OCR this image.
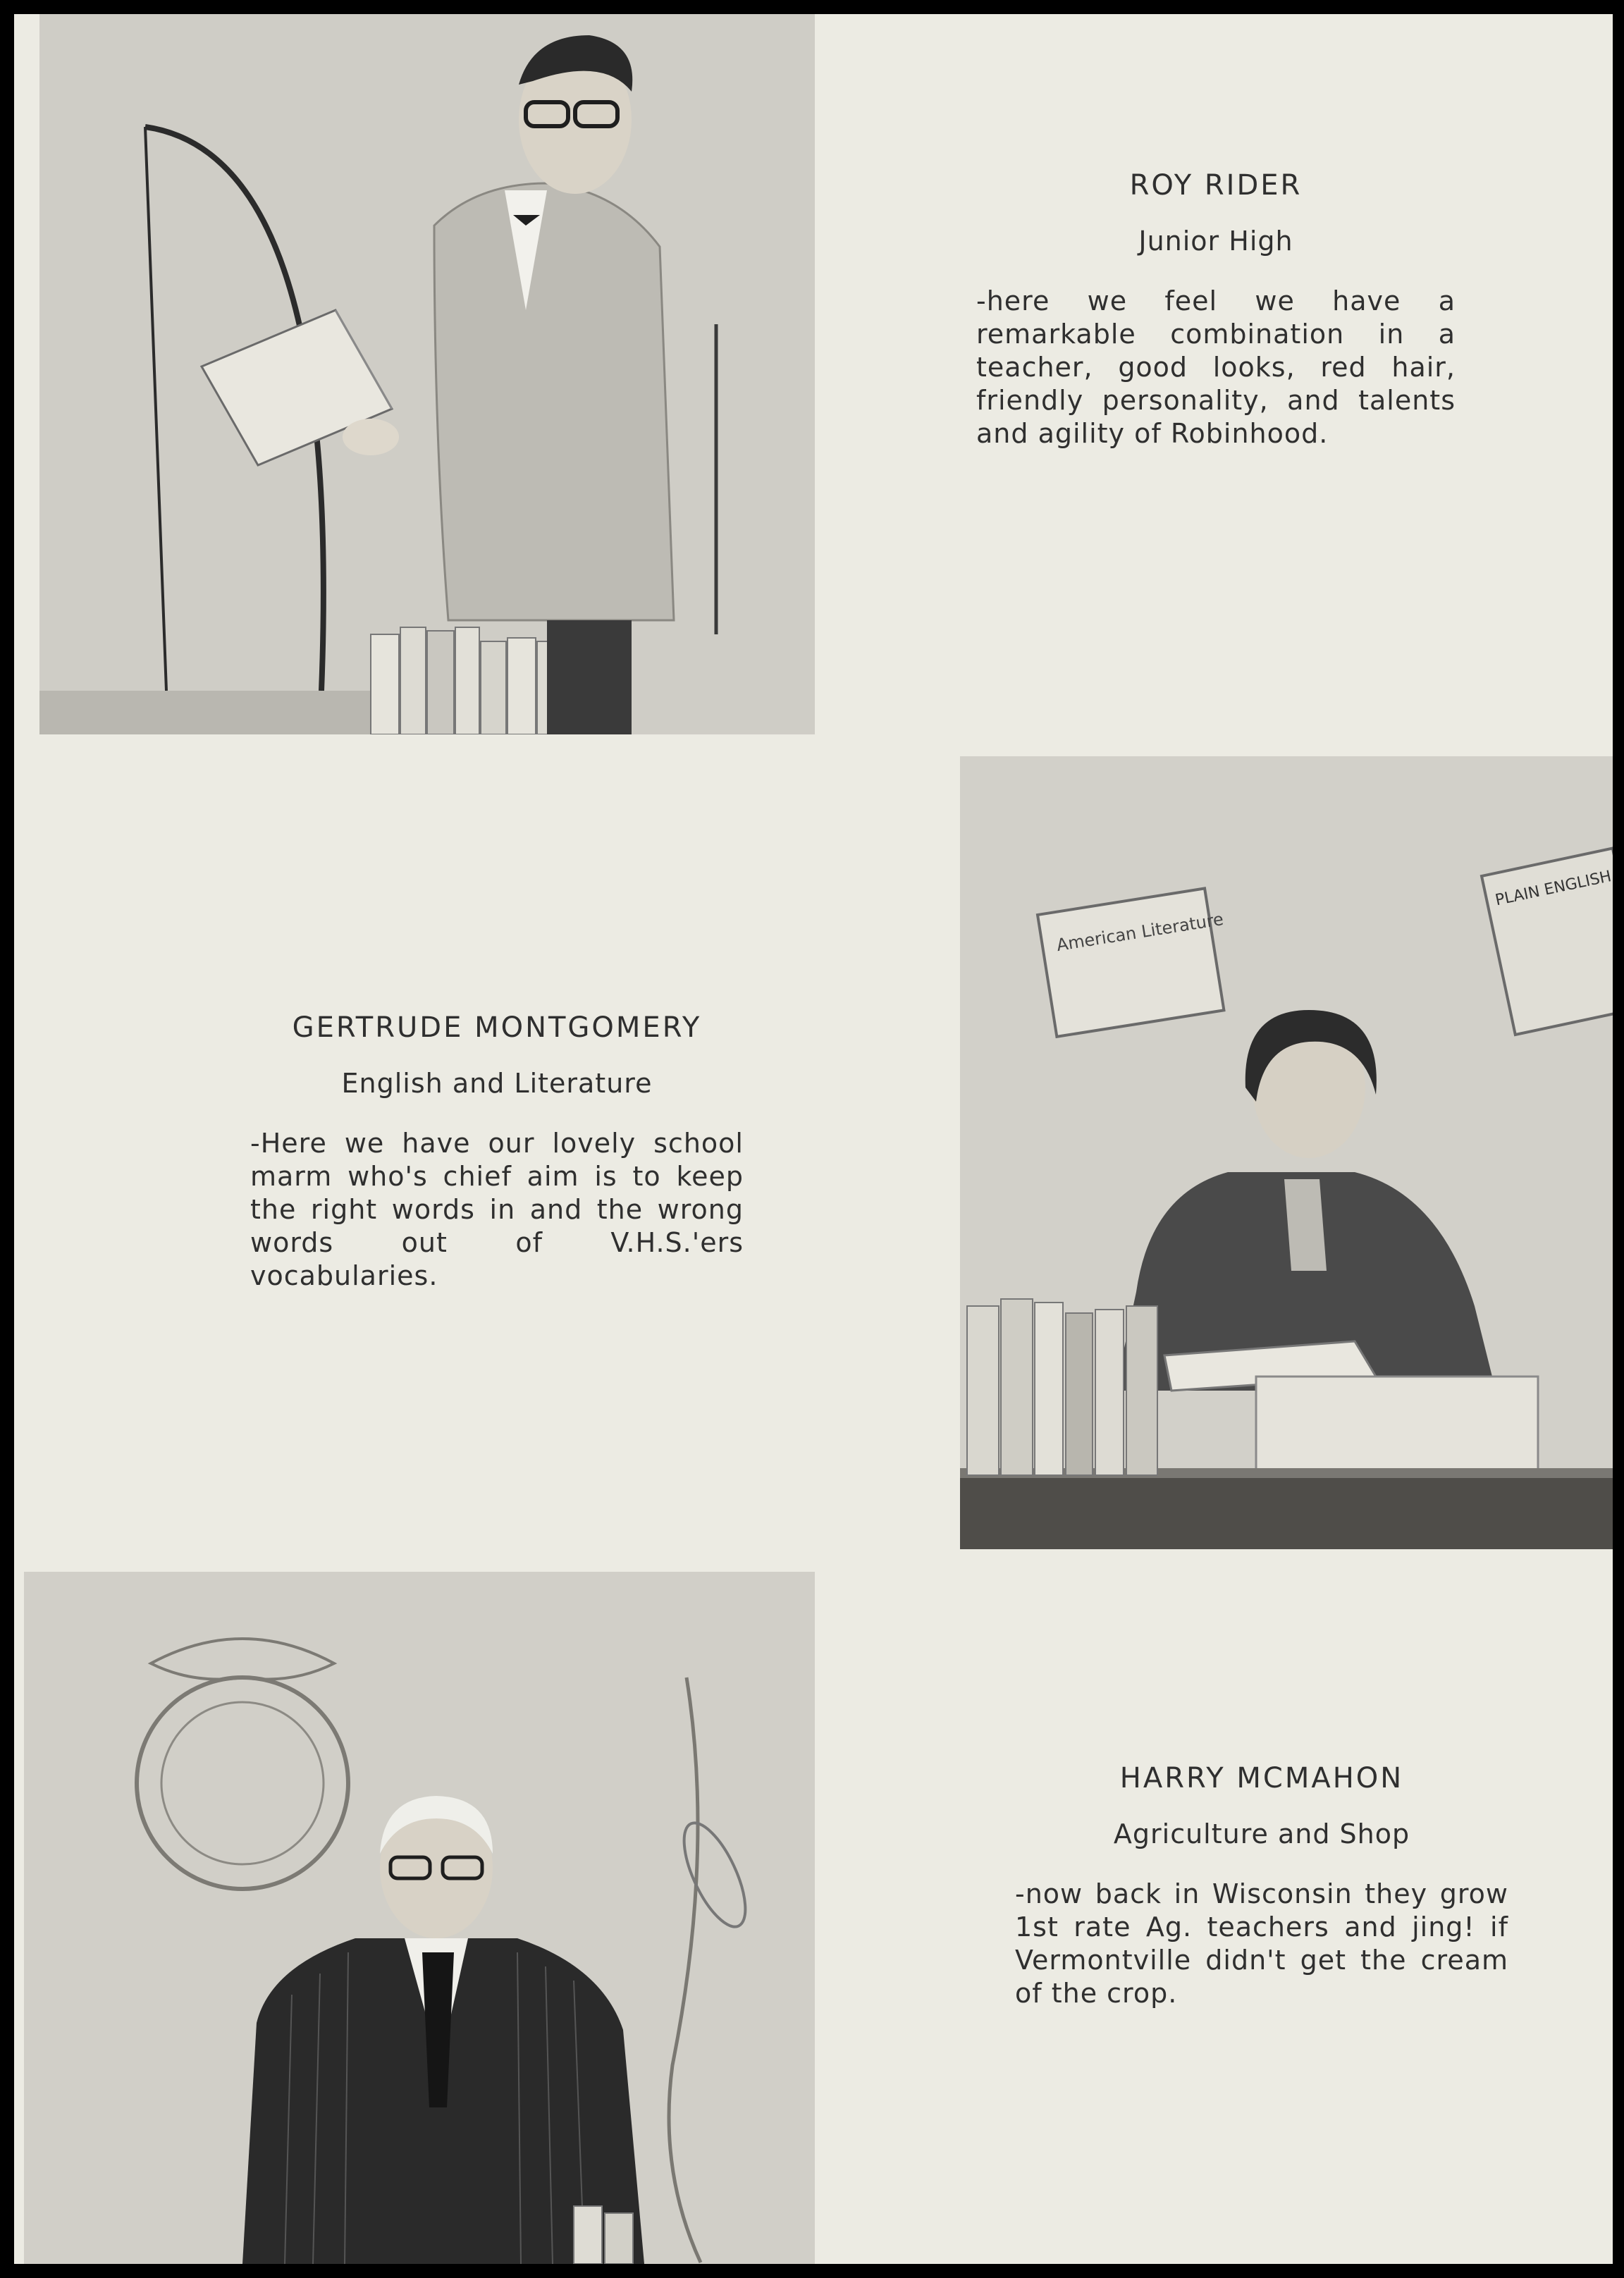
ROY RIDER

Junior High

-here we feel we have a remarkable combination in a teacher, good looks, red hair, friendly personality, and talents and agility of Robinhood.

GERTRUDE MONTGOMERY

English and Literature

-Here we have our lovely school marm who's chief aim is to keep the right words in and the wrong words out of V.H.S.'ers vocabularies.

American Literature
PLAIN ENGLISH

HARRY MCMAHON

Agriculture and Shop

-now back in Wisconsin they grow 1st rate Ag. teachers and jing! if Vermontville didn't get the cream of the crop.
